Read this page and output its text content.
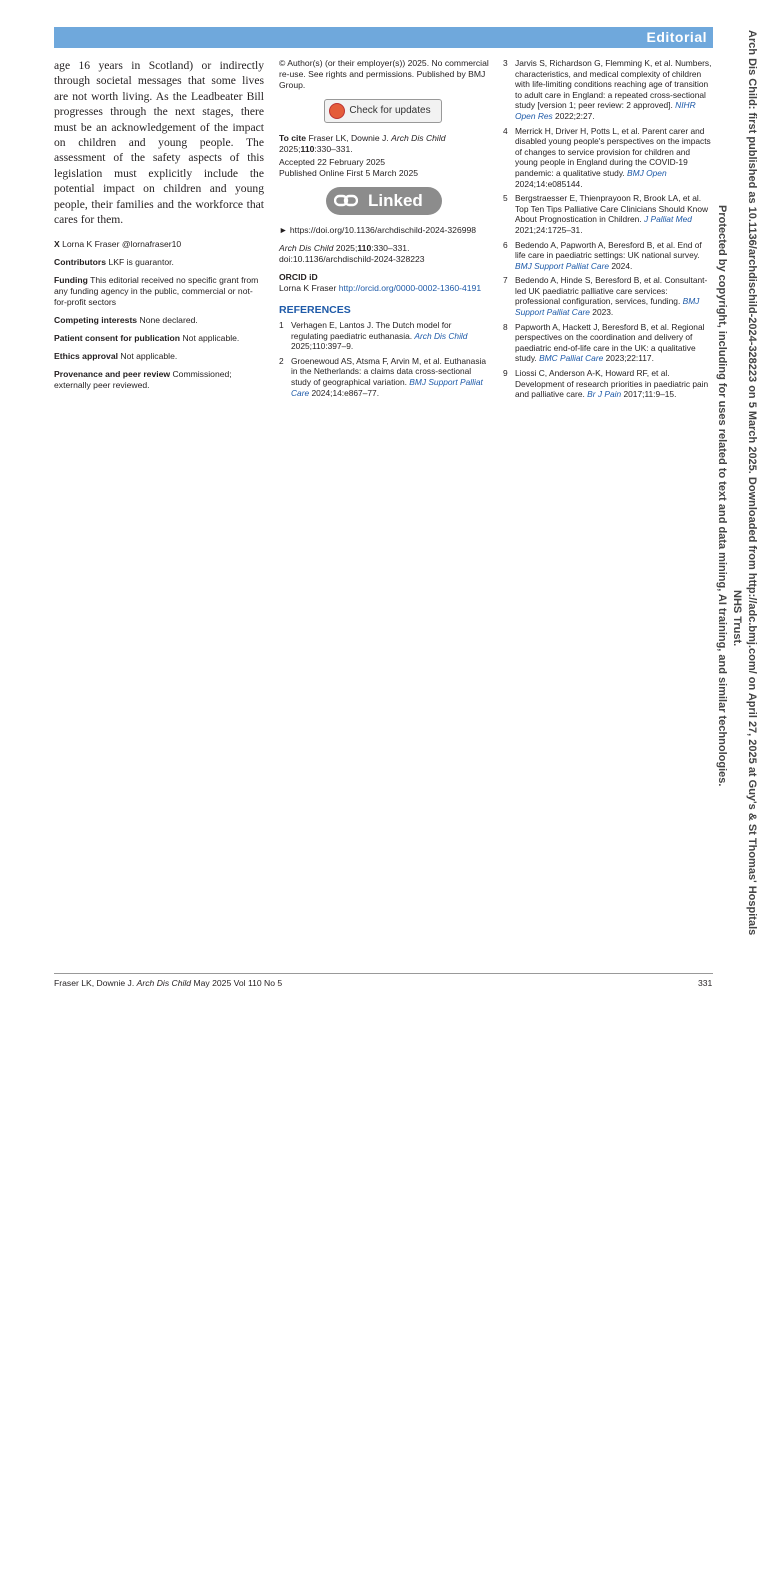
Editorial

age 16 years in Scotland) or indirectly through societal messages that some lives are not worth living. As the Leadbeater Bill progresses through the next stages, there must be an acknowledgement of the impact on children and young people. The assessment of the safety aspects of this legislation must explicitly include the potential impact on children and young people, their families and the workforce that cares for them.

X Lorna K Fraser @lornafraser10

Contributors LKF is guarantor.

Funding This editorial received no specific grant from any funding agency in the public, commercial or not-for-profit sectors

Competing interests None declared.

Patient consent for publication Not applicable.

Ethics approval Not applicable.

Provenance and peer review Commissioned; externally peer reviewed.

© Author(s) (or their employer(s)) 2025. No commercial re-use. See rights and permissions. Published by BMJ Group.

Check for updates

To cite Fraser LK, Downie J. Arch Dis Child
2025;110:330–331.

Accepted 22 February 2025
Published Online First 5 March 2025

Linked

► https://doi.org/10.1136/archdischild-2024-326998

Arch Dis Child 2025;110:330–331.
doi:10.1136/archdischild-2024-328223

ORCID iD
Lorna K Fraser http://orcid.org/0000-0002-1360-4191

REFERENCES
1 Verhagen E, Lantos J. The Dutch model for regulating paediatric euthanasia. Arch Dis Child 2025;110:397–9.
2 Groenewoud AS, Atsma F, Arvin M, et al. Euthanasia in the Netherlands: a claims data cross-sectional study of geographical variation. BMJ Support Palliat Care 2024;14:e867–77.
3 Jarvis S, Richardson G, Flemming K, et al. Numbers, characteristics, and medical complexity of children with life-limiting conditions reaching age of transition to adult care in England: a repeated cross-sectional study [version 1; peer review: 2 approved]. NIHR Open Res 2022;2:27.
4 Merrick H, Driver H, Potts L, et al. Parent carer and disabled young people's perspectives on the impacts of changes to service provision for children and young people in England during the COVID-19 pandemic: a qualitative study. BMJ Open 2024;14:e085144.
5 Bergstraesser E, Thienprayoon R, Brook LA, et al. Top Ten Tips Palliative Care Clinicians Should Know About Prognostication in Children. J Palliat Med 2021;24:1725–31.
6 Bedendo A, Papworth A, Beresford B, et al. End of life care in paediatric settings: UK national survey. BMJ Support Palliat Care 2024.
7 Bedendo A, Hinde S, Beresford B, et al. Consultant-led UK paediatric palliative care services: professional configuration, services, funding. BMJ Support Palliat Care 2023.
8 Papworth A, Hackett J, Beresford B, et al. Regional perspectives on the coordination and delivery of paediatric end-of-life care in the UK: a qualitative study. BMC Palliat Care 2023;22:117.
9 Liossi C, Anderson A-K, Howard RF, et al. Development of research priorities in paediatric pain and palliative care. Br J Pain 2017;11:9–15.
Fraser LK, Downie J. Arch Dis Child May 2025 Vol 110 No 5	331
Arch Dis Child: first published as 10.1136/archdischild-2024-328223 on 5 March 2025. Downloaded from http://adc.bmj.com/ on April 27, 2025 at Guy's & St Thomas' Hospitals
NHS Trust.
Protected by copyright, including for uses related to text and data mining, AI training, and similar technologies.
